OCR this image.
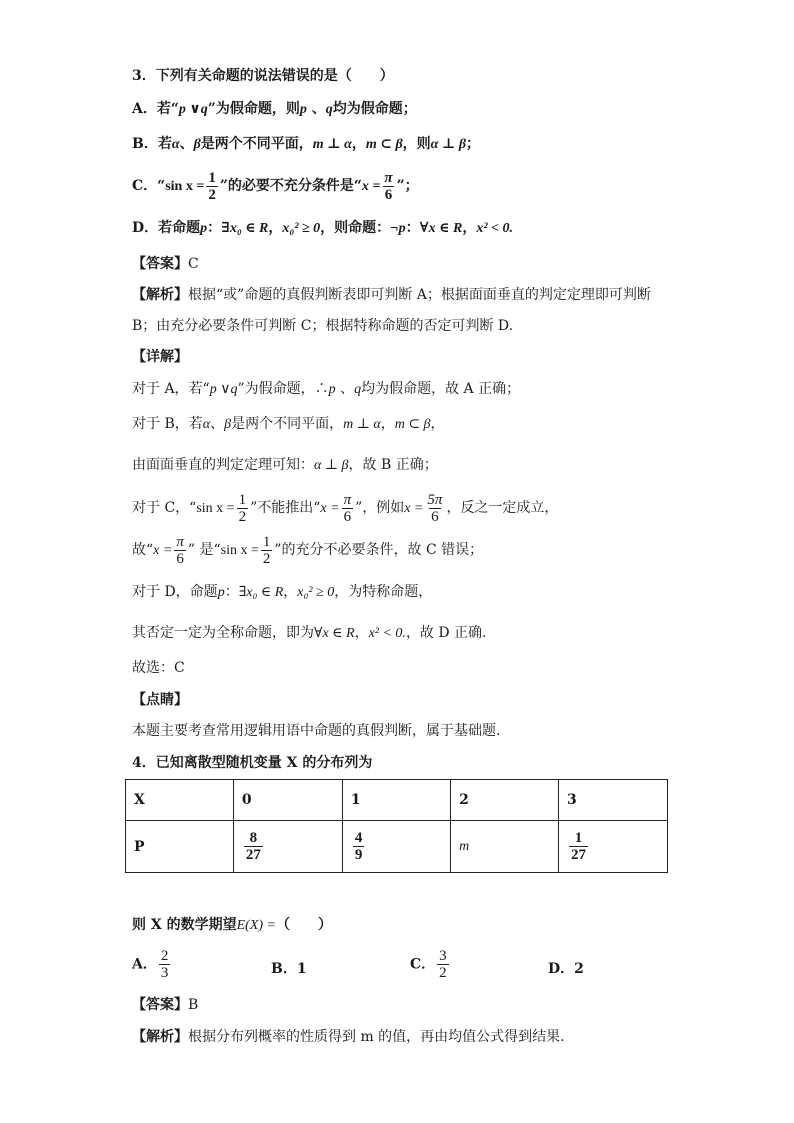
3．下列有关命题的说法错误的是（　　）
A．若“p ∨q”为假命题，则p 、q均为假命题；
B．若α、β是两个不同平面，m ⊥ α，m ⊂ β，则α ⊥ β；
C．“sin $x = \frac{1}{2}$ ”的必要不充分条件是“$x = \frac{\pi}{6}$ ”；
D．若命题p：∃x₀ ∈ R，x₀² ≥ 0，则命题：¬p：∀x ∈ R，x² < 0.
【答案】C
【解析】根据“或”命题的真假判断表即可判断 A；根据面面垂直的判定定理即可判断
B；由充分必要条件可判断 C；根据特称命题的否定可判断 D.
【详解】
对于 A，若“p ∨q”为假命题，∴p 、q均为假命题，故 A 正确；
对于 B，若α、β是两个不同平面，m ⊥ α，m ⊂ β，
由面面垂直的判定定理可知：α ⊥ β，故 B 正确；
对于 C，“sin $x = \frac{1}{2}$ ”不能推出“$x = \frac{\pi}{6}$ ”，例如$x = \frac{5\pi}{6}$ ，反之一定成立，
故“$x = \frac{\pi}{6}$ ” 是“sin $x = \frac{1}{2}$ ”的充分不必要条件，故 C 错误；
对于 D，命题p：∃x₀ ∈ R，x₀² ≥ 0，为特称命题，
其否定一定为全称命题，即为∀x ∈ R，x² < 0.，故 D 正确.
故选：C
【点睛】
本题主要考查常用逻辑用语中命题的真假判断，属于基础题.
4．已知离散型随机变量 X 的分布列为
X	0	1	2	3
P	$\frac{8}{27}$	$\frac{4}{9}$	m	$\frac{1}{27}$
则 X 的数学期望E(X) =（　　）
A． $\frac{2}{3}$	B．1	C． $\frac{3}{2}$	D．2
【答案】B
【解析】根据分布列概率的性质得到 m 的值，再由均值公式得到结果.
